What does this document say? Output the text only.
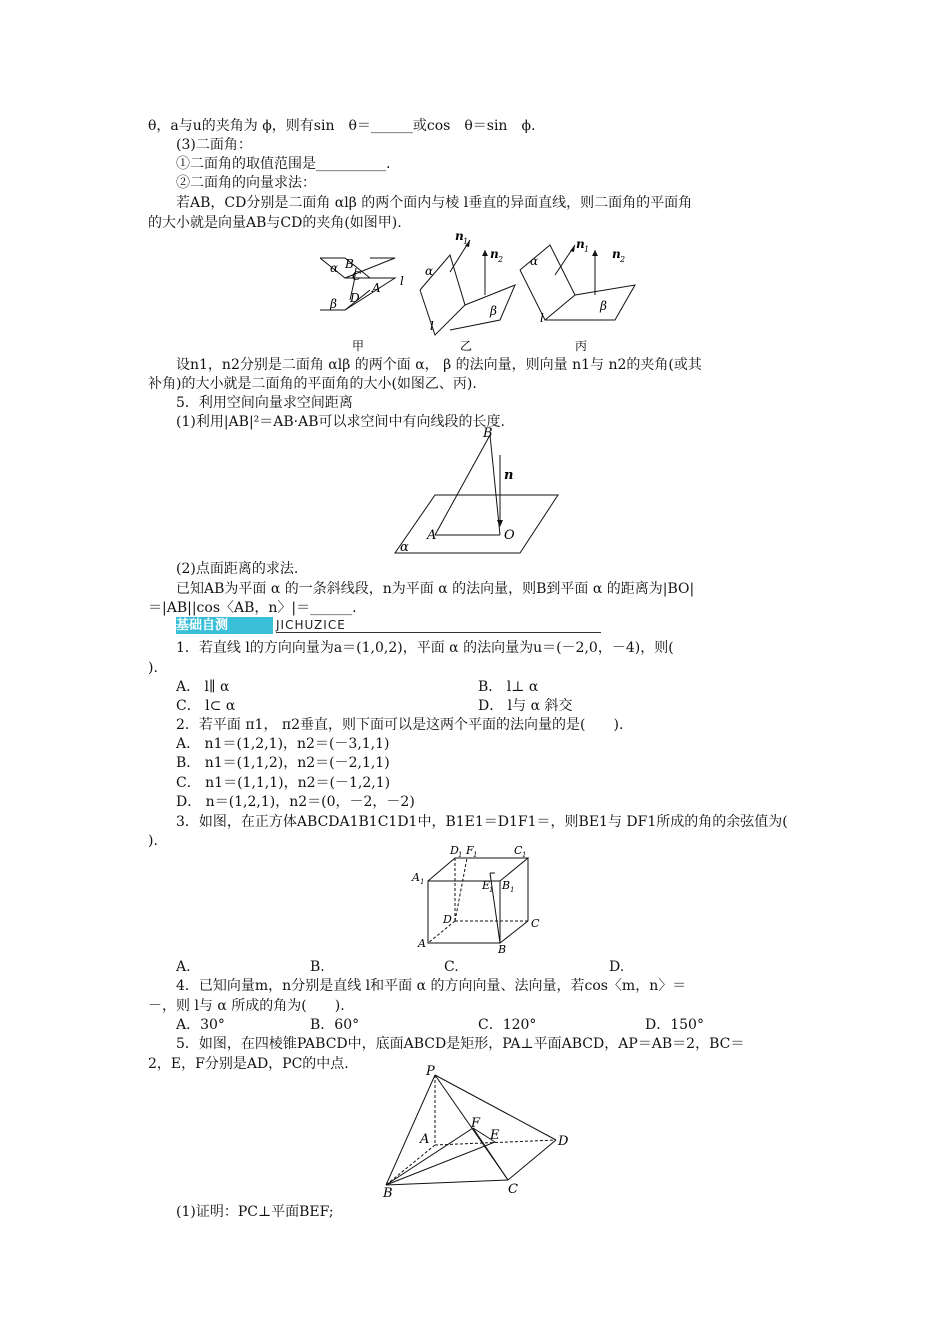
θ，a与u的夹角为 ϕ，则有sin　θ＝______或cos　θ＝sin　ϕ.
(3)二面角：
①二面角的取值范围是__________.
②二面角的向量求法：
若AB，CD分别是二面角 αlβ 的两个面内与棱 l垂直的异面直线，则二面角的平面角
的大小就是向量AB与CD的夹角(如图甲).
α B
C
A
β D
l
α
n 1
n 2
β
l
α
n 1 n 2
β
l
甲	乙	丙
设n1，n2分别是二面角 αlβ 的两个面 α， β 的法向量，则向量 n1与 n2的夹角(或其
补角)的大小就是二面角的平面角的大小(如图乙、丙).
5．利用空间向量求空间距离
(1)利用|AB|²＝AB·AB可以求空间中有向线段的长度.
B
n
A	O
α
(2)点面距离的求法.
已知AB为平面 α 的一条斜线段，n为平面 α 的法向量，则B到平面 α 的距离为|BO|
＝|AB||cos〈AB，n〉|＝______.
基础自测	JICHUZICE
1．若直线 l的方向向量为a＝(1,0,2)，平面 α 的法向量为u＝(－2,0，－4)，则(
).
A． l∥ α	B． l⊥ α
C． l⊂ α	D． l与 α 斜交
2．若平面 π1， π2垂直，则下面可以是这两个平面的法向量的是(　　).
A． n1＝(1,2,1)，n2＝(－3,1,1)
B． n1＝(1,1,2)，n2＝(－2,1,1)
C． n1＝(1,1,1)，n2＝(－1,2,1)
D． n＝(1,2,1)，n2＝(0，－2，－2)
3．如图，在正方体ABCDA1B1C1D1中，B1E1＝D1F1＝，则BE1与 DF1所成的角的余弦值为(
).
A 1
D 1 F 1	C 1
E
1 B 1
D	C
A	B
A.	B.	C.	D.
4．已知向量m，n分别是直线 l和平面 α 的方向向量、法向量，若cos〈m，n〉＝
－，则 l与 α 所成的角为(　　).
A．30°	B．60°	C．120°	D．150°
5．如图，在四棱锥PABCD中，底面ABCD是矩形，PA⊥平面ABCD，AP＝AB＝2，BC＝
2，E，F分别是AD，PC的中点.	P
A
F
E	D
B	C
(1)证明：PC⊥平面BEF;
